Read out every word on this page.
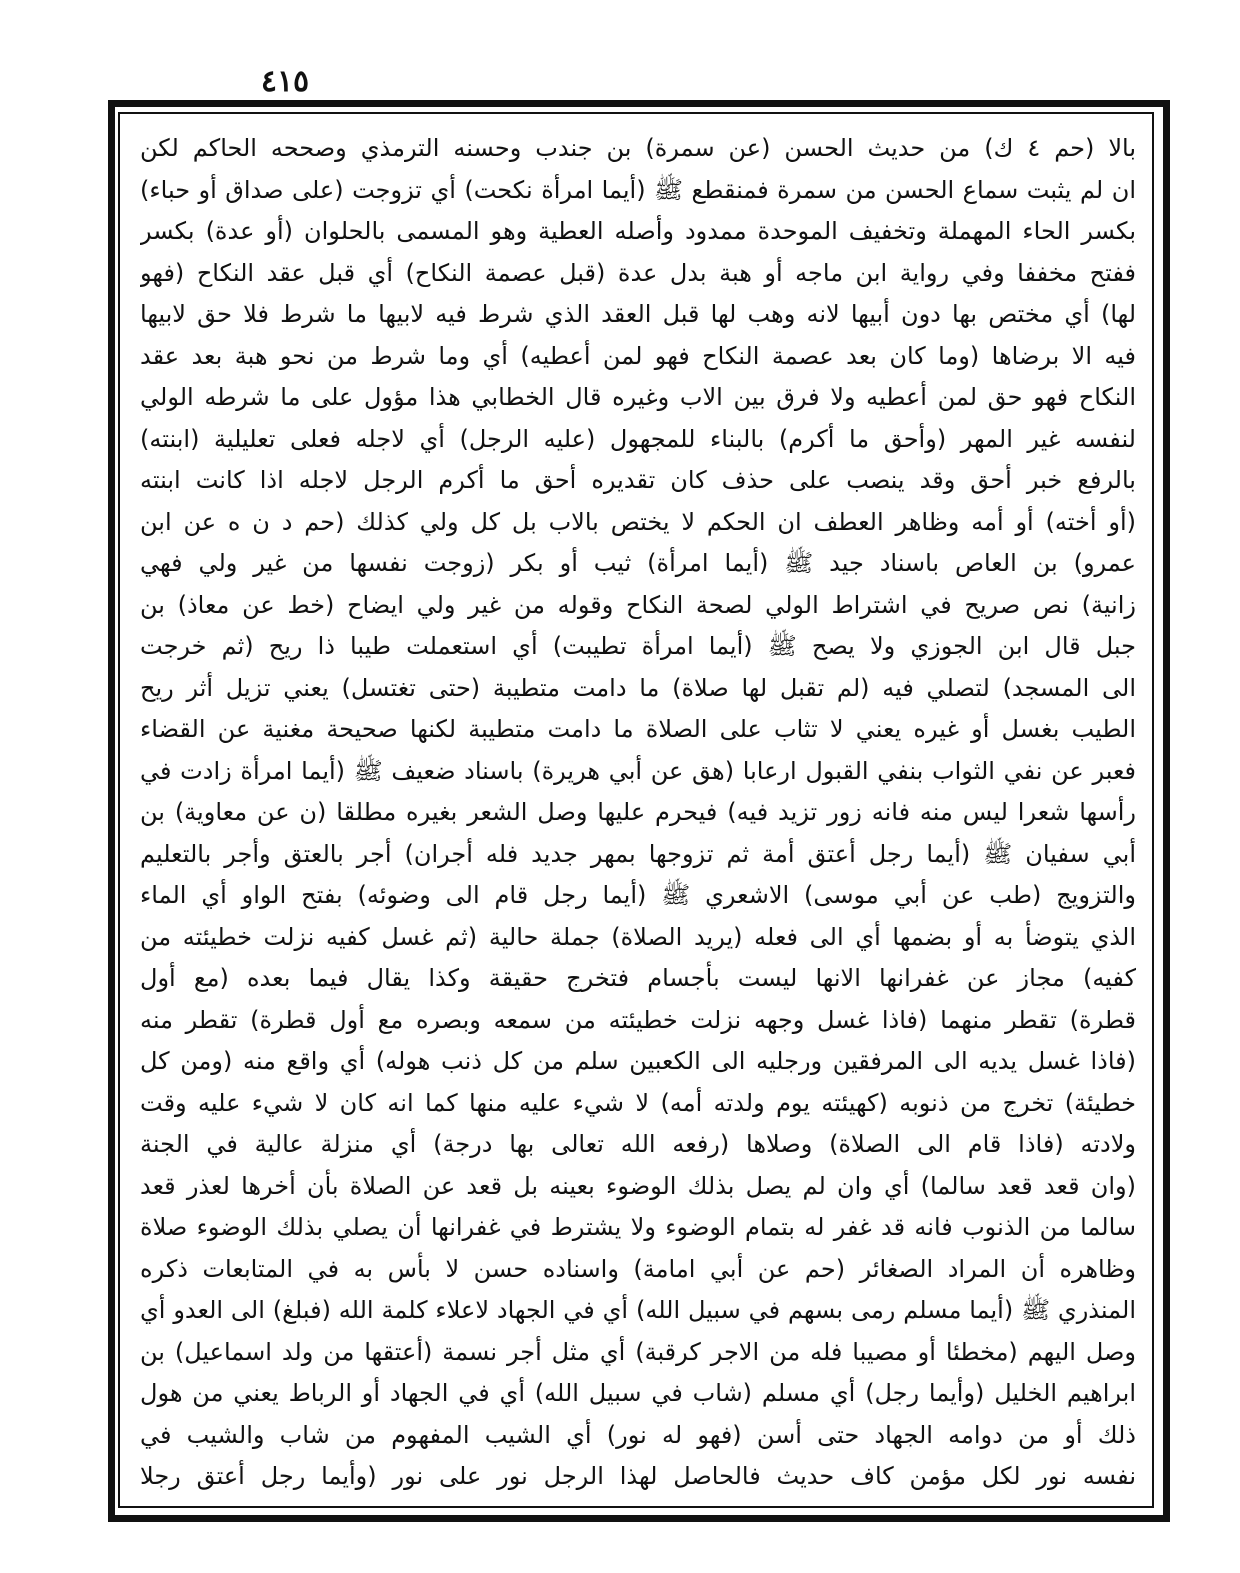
٤١٥
بالا (حم ٤ ك) من حديث الحسن (عن سمرة) بن جندب وحسنه الترمذي وصححه الحاكم لكن
ان لم يثبت سماع الحسن من سمرة فمنقطع ﷺ (أيما امرأة نكحت) أي تزوجت (على صداق أو حباء)
بكسر الحاء المهملة وتخفيف الموحدة ممدود وأصله العطية وهو المسمى بالحلوان (أو عدة) بكسر
ففتح مخففا وفي رواية ابن ماجه أو هبة بدل عدة (قبل عصمة النكاح) أي قبل عقد النكاح (فهو
لها) أي مختص بها دون أبيها لانه وهب لها قبل العقد الذي شرط فيه لابيها ما شرط فلا حق لابيها
فيه الا برضاها (وما كان بعد عصمة النكاح فهو لمن أعطيه) أي وما شرط من نحو هبة بعد عقد
النكاح فهو حق لمن أعطيه ولا فرق بين الاب وغيره قال الخطابي هذا مؤول على ما شرطه الولي
لنفسه غير المهر (وأحق ما أكرم) بالبناء للمجهول (عليه الرجل) أي لاجله فعلى تعليلية (ابنته)
بالرفع خبر أحق وقد ينصب على حذف كان تقديره أحق ما أكرم الرجل لاجله اذا كانت ابنته
(أو أخته) أو أمه وظاهر العطف ان الحكم لا يختص بالاب بل كل ولي كذلك (حم د ن ه عن ابن
عمرو) بن العاص باسناد جيد ﷺ (أيما امرأة) ثيب أو بكر (زوجت نفسها من غير ولي فهي
زانية) نص صريح في اشتراط الولي لصحة النكاح وقوله من غير ولي ايضاح (خط عن معاذ) بن
جبل قال ابن الجوزي ولا يصح ﷺ (أيما امرأة تطيبت) أي استعملت طيبا ذا ريح (ثم خرجت
الى المسجد) لتصلي فيه (لم تقبل لها صلاة) ما دامت متطيبة (حتى تغتسل) يعني تزيل أثر ريح
الطيب بغسل أو غيره يعني لا تثاب على الصلاة ما دامت متطيبة لكنها صحيحة مغنية عن القضاء
فعبر عن نفي الثواب بنفي القبول ارعابا (هق عن أبي هريرة) باسناد ضعيف ﷺ (أيما امرأة زادت في
رأسها شعرا ليس منه فانه زور تزيد فيه) فيحرم عليها وصل الشعر بغيره مطلقا (ن عن معاوية) بن
أبي سفيان ﷺ (أيما رجل أعتق أمة ثم تزوجها بمهر جديد فله أجران) أجر بالعتق وأجر بالتعليم
والتزويج (طب عن أبي موسى) الاشعري ﷺ (أيما رجل قام الى وضوئه) بفتح الواو أي الماء
الذي يتوضأ به أو بضمها أي الى فعله (يريد الصلاة) جملة حالية (ثم غسل كفيه نزلت خطيئته من
كفيه) مجاز عن غفرانها الانها ليست بأجسام فتخرج حقيقة وكذا يقال فيما بعده (مع أول
قطرة) تقطر منهما (فاذا غسل وجهه نزلت خطيئته من سمعه وبصره مع أول قطرة) تقطر منه
(فاذا غسل يديه الى المرفقين ورجليه الى الكعبين سلم من كل ذنب هوله) أي واقع منه (ومن كل
خطيئة) تخرج من ذنوبه (كهيئته يوم ولدته أمه) لا شيء عليه منها كما انه كان لا شيء عليه وقت
ولادته (فاذا قام الى الصلاة) وصلاها (رفعه الله تعالى بها درجة) أي منزلة عالية في الجنة
(وان قعد قعد سالما) أي وان لم يصل بذلك الوضوء بعينه بل قعد عن الصلاة بأن أخرها لعذر قعد
سالما من الذنوب فانه قد غفر له بتمام الوضوء ولا يشترط في غفرانها أن يصلي بذلك الوضوء صلاة
وظاهره أن المراد الصغائر (حم عن أبي امامة) واسناده حسن لا بأس به في المتابعات ذكره
المنذري ﷺ (أيما مسلم رمى بسهم في سبيل الله) أي في الجهاد لاعلاء كلمة الله (فبلغ) الى العدو أي
وصل اليهم (مخطئا أو مصيبا فله من الاجر كرقبة) أي مثل أجر نسمة (أعتقها من ولد اسماعيل) بن
ابراهيم الخليل (وأيما رجل) أي مسلم (شاب في سبيل الله) أي في الجهاد أو الرباط يعني من هول
ذلك أو من دوامه الجهاد حتى أسن (فهو له نور) أي الشيب المفهوم من شاب والشيب في
نفسه نور لكل مؤمن كاف حديث فالحاصل لهذا الرجل نور على نور (وأيما رجل أعتق رجلا
